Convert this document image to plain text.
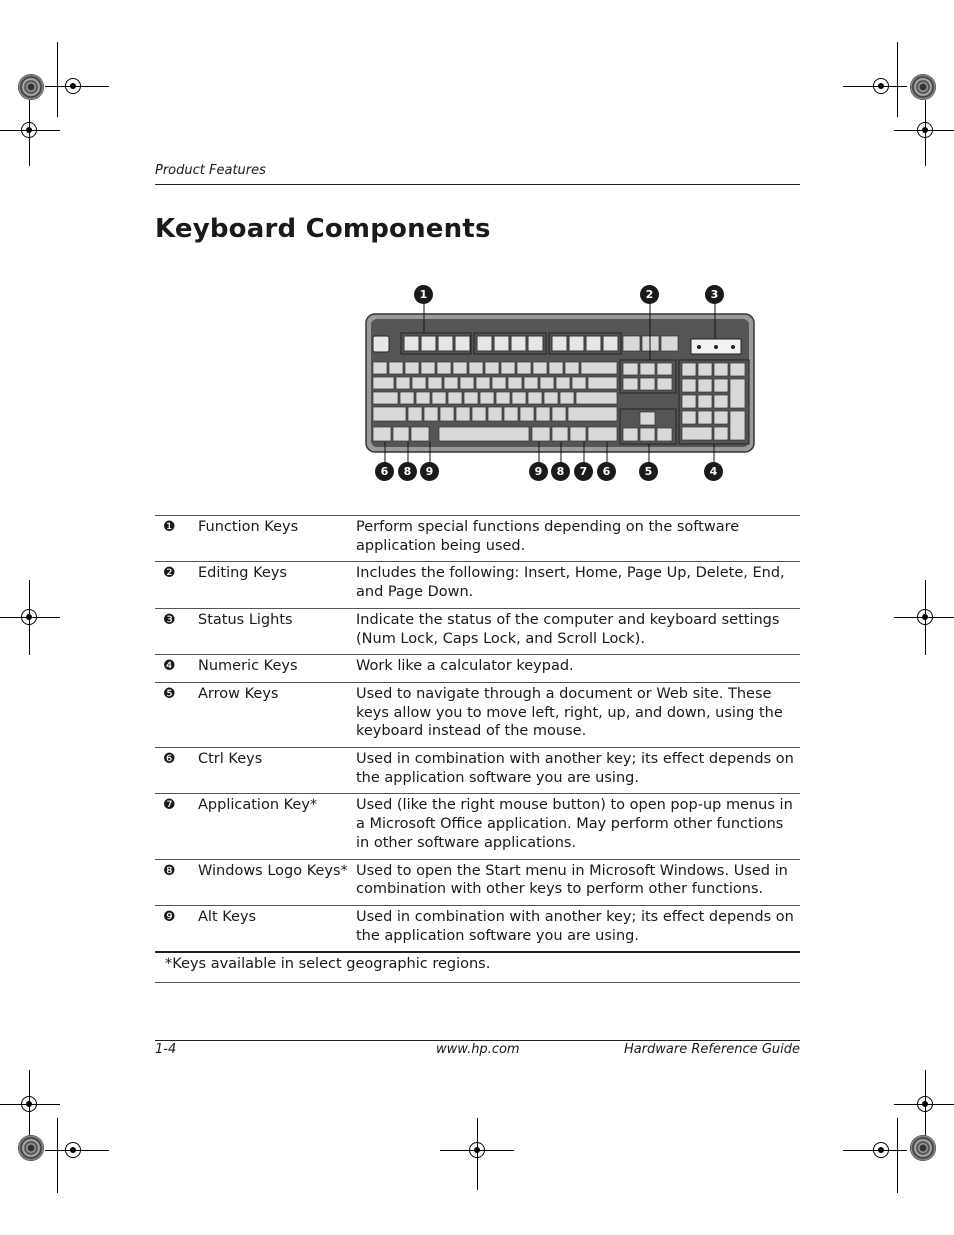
Product Features
Keyboard Components
1	2	3
6	8	9	9	8	7	6	5	4
❶	Function Keys	Perform special functions depending on the software application being used.
❷	Editing Keys	Includes the following: Insert, Home, Page Up, Delete, End, and Page Down.
❸	Status Lights	Indicate the status of the computer and keyboard settings (Num Lock, Caps Lock, and Scroll Lock).
❹	Numeric Keys	Work like a calculator keypad.
❺	Arrow Keys	Used to navigate through a document or Web site. These keys allow you to move left, right, up, and down, using the keyboard instead of the mouse.
❻	Ctrl Keys	Used in combination with another key; its effect depends on the application software you are using.
❼	Application Key*	Used (like the right mouse button) to open pop-up menus in a Microsoft Office application. May perform other functions in other software applications.
❽	Windows Logo Keys*	Used to open the Start menu in Microsoft Windows. Used in combination with other keys to perform other functions.
❾	Alt Keys	Used in combination with another key; its effect depends on the application software you are using.
*Keys available in select geographic regions.		
1-4	www.hp.com	Hardware Reference Guide
